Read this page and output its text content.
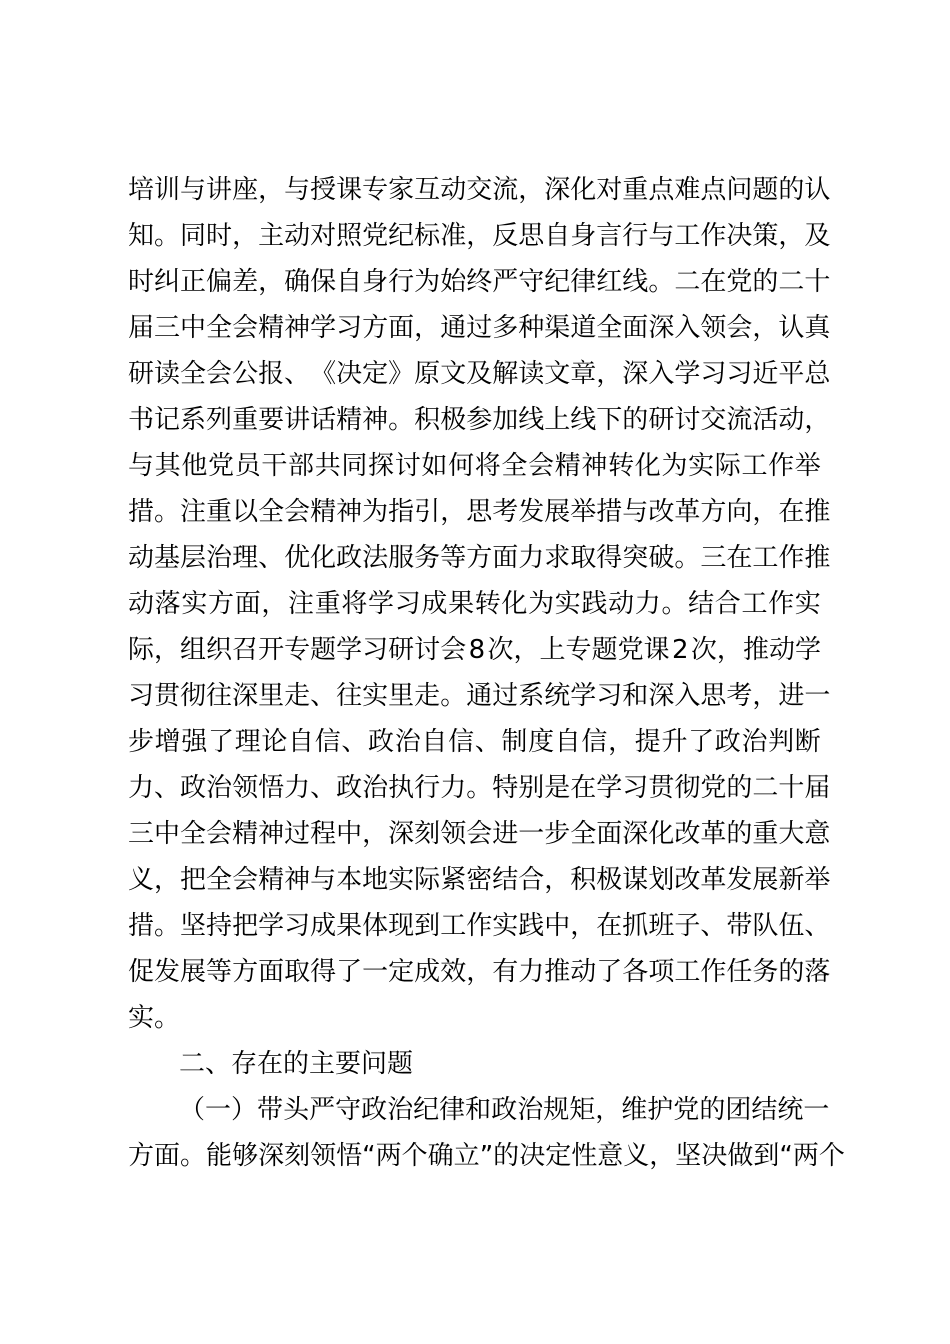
培 训 与 讲 座 ， 与 授 课 专 家 互 动 交 流 ， 深 化 对 重 点 难 点 问 题 的 认
知 。 同 时 ， 主 动 对 照 党 纪 标 准 ， 反 思 自 身 言 行 与 工 作 决 策 ， 及
时 纠 正 偏 差 ， 确 保 自 身 行 为 始 终 严 守 纪 律 红 线 。 二 在 党 的 二 十
届 三 中 全 会 精 神 学 习 方 面 ， 通 过 多 种 渠 道 全 面 深 入 领 会 ， 认 真
研 读 全 会 公 报 、 《 决 定 》 原 文 及 解 读 文 章 ， 深 入 学 习 习 近 平 总
书 记 系 列 重 要 讲 话 精 神 。 积 极 参 加 线 上 线 下 的 研 讨 交 流 活 动 ，
与 其 他 党 员 干 部 共 同 探 讨 如 何 将 全 会 精 神 转 化 为 实 际 工 作 举
措 。 注 重 以 全 会 精 神 为 指 引 ， 思 考 发 展 举 措 与 改 革 方 向 ， 在 推
动 基 层 治 理 、 优 化 政 法 服 务 等 方 面 力 求 取 得 突 破 。 三 在 工 作 推
动 落 实 方 面 ， 注 重 将 学 习 成 果 转 化 为 实 践 动 力 。 结 合 工 作 实
际 ， 组 织 召 开 专 题 学 习 研 讨 会 8 次 ， 上 专 题 党 课 2 次 ， 推 动 学
习 贯 彻 往 深 里 走 、 往 实 里 走 。 通 过 系 统 学 习 和 深 入 思 考 ， 进 一
步 增 强 了 理 论 自 信 、 政 治 自 信 、 制 度 自 信 ， 提 升 了 政 治 判 断
力 、 政 治 领 悟 力 、 政 治 执 行 力 。 特 别 是 在 学 习 贯 彻 党 的 二 十 届
三 中 全 会 精 神 过 程 中 ， 深 刻 领 会 进 一 步 全 面 深 化 改 革 的 重 大 意
义 ， 把 全 会 精 神 与 本 地 实 际 紧 密 结 合 ， 积 极 谋 划 改 革 发 展 新 举
措 。 坚 持 把 学 习 成 果 体 现 到 工 作 实 践 中 ， 在 抓 班 子 、 带 队 伍 、
促 发 展 等 方 面 取 得 了 一 定 成 效 ， 有 力 推 动 了 各 项 工 作 任 务 的 落
实。
二、存在的主要问题
（ 一 ） 带 头 严 守 政 治 纪 律 和 政 治 规 矩 ， 维 护 党 的 团 结 统 一
方 面 。 能 够 深 刻 领 悟 “ 两 个 确 立 ” 的 决 定 性 意 义 ， 坚 决 做 到 “ 两 个
